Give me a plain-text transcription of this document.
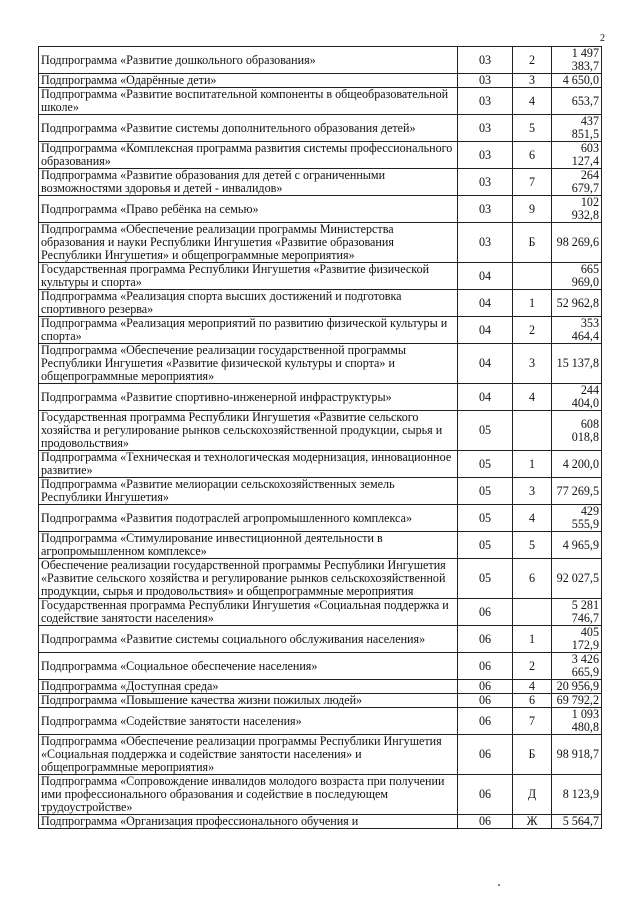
2
Подпрограмма «Развитие дошкольного образования»	03	2	1 497 383,7
Подпрограмма «Одарённые дети»	03	3	4 650,0
Подпрограмма «Развитие воспитательной компоненты в общеобразовательной школе»	03	4	653,7
Подпрограмма «Развитие системы дополнительного образования детей»	03	5	437 851,5
Подпрограмма «Комплексная программа развития системы профессионального образования»	03	6	603 127,4
Подпрограмма «Развитие образования для детей с ограниченными возможностями здоровья и детей - инвалидов»	03	7	264 679,7
Подпрограмма «Право ребёнка на семью»	03	9	102 932,8
Подпрограмма «Обеспечение реализации программы Министерства образования и науки Республики Ингушетия «Развитие образования Республики Ингушетия» и общепрограммные мероприятия»	03	Б	98 269,6
Государственная программа Республики Ингушетия «Развитие физической культуры и спорта»	04		665 969,0
Подпрограмма «Реализация спорта высших достижений и подготовка спортивного резерва»	04	1	52 962,8
Подпрограмма «Реализация мероприятий по развитию физической культуры и спорта»	04	2	353 464,4
Подпрограмма «Обеспечение реализации государственной программы Республики Ингушетия «Развитие физической культуры и спорта» и общепрограммные мероприятия»	04	3	15 137,8
Подпрограмма «Развитие спортивно-инженерной инфраструктуры»	04	4	244 404,0
Государственная программа Республики Ингушетия «Развитие сельского хозяйства и регулирование рынков сельскохозяйственной продукции, сырья и продовольствия»	05		608 018,8
Подпрограмма «Техническая и технологическая модернизация, инновационное развитие»	05	1	4 200,0
Подпрограмма «Развитие мелиорации сельскохозяйственных земель Республики Ингушетия»	05	3	77 269,5
Подпрограмма «Развития подотраслей агропромышленного комплекса»	05	4	429 555,9
Подпрограмма «Стимулирование инвестиционной деятельности в агропромышленном комплексе»	05	5	4 965,9
Обеспечение реализации государственной программы Республики Ингушетия «Развитие сельского хозяйства и регулирование рынков сельскохозяйственной продукции, сырья и продовольствия» и общепрограммные мероприятия	05	6	92 027,5
Государственная программа Республики Ингушетия «Социальная поддержка и содействие занятости населения»	06		5 281 746,7
Подпрограмма «Развитие системы социального обслуживания населения»	06	1	405 172,9
Подпрограмма «Социальное обеспечение населения»	06	2	3 426 665,9
Подпрограмма «Доступная среда»	06	4	20 956,9
Подпрограмма «Повышение качества жизни пожилых людей»	06	6	69 792,2
Подпрограмма «Содействие занятости населения»	06	7	1 093 480,8
Подпрограмма «Обеспечение реализации программы Республики Ингушетия «Социальная поддержка и содействие занятости населения» и общепрограммные мероприятия»	06	Б	98 918,7
Подпрограмма «Сопровождение инвалидов молодого возраста при получении ими профессионального образования и содействие в последующем трудоустройстве»	06	Д	8 123,9
Подпрограмма «Организация профессионального обучения и	06	Ж	5 564,7
